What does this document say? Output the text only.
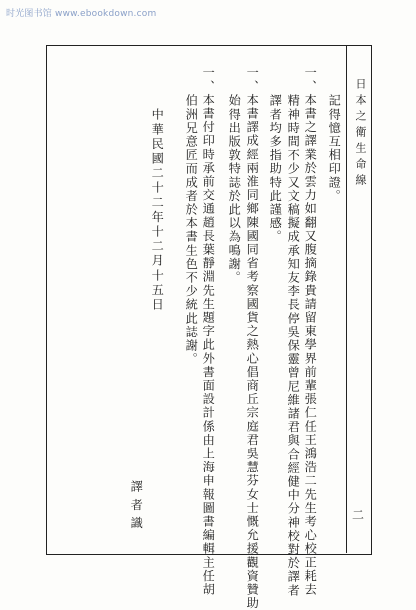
时光图书馆 www.ebookdown.com
日本之衛生命線
二
記得憶互相印證。
一、本書之譯業於雲力如翻又腹摘錄貴請留東學界前輩張仁任王鴻浩二先生考心校正耗去
精神時間不少又文稿擬成承知友李長停吳保靈曾尼維諸君與合經健中分神校對於譯者
譯者均多指助特此謹感。
一、本書譯成經兩淮同鄉陳國同省考察國貨之熱心倡商丘宗庭君吳慧芬女士慨允援觀資贊助
始得出版敦特誌於此以為鳴謝。
一、本書付印時承前交通趙長葉靜淵先生題字此外書面設計係由上海申報圖書編輯主任胡
伯洲兄意匠而成者於本書生色不少統此誌謝。
中華民國二十二年十二月十五日
譯者識
